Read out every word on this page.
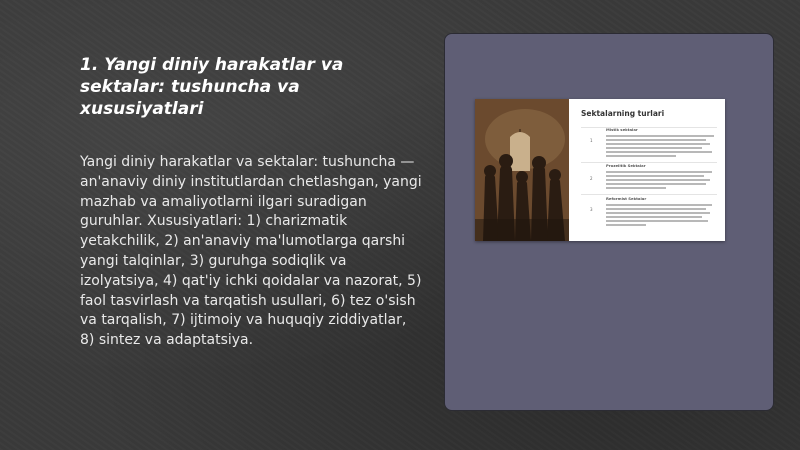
1. Yangi diniy harakatlar va sektalar: tushuncha va xususiyatlari
Yangi diniy harakatlar va sektalar: tushuncha — an'anaviy diniy institutlardan chetlashgan, yangi mazhab va amaliyotlarni ilgari suradigan guruhlar. Xususiyatlari: 1) charizmatik yetakchilik, 2) an'anaviy ma'lumotlarga qarshi yangi talqinlar, 3) guruhga sodiqlik va izolyatsiya, 4) qat'iy ichki qoidalar va nazorat, 5) faol tasvirlash va tarqatish usullari, 6) tez o'sish va tarqalish, 7) ijtimoiy va huquqiy ziddiyatlar, 8) sintez va adaptatsiya.
Sektalarning turlari
1
Mistik sektalar
2
Prozelitik Sektalar
3
Reformist Sektalar
